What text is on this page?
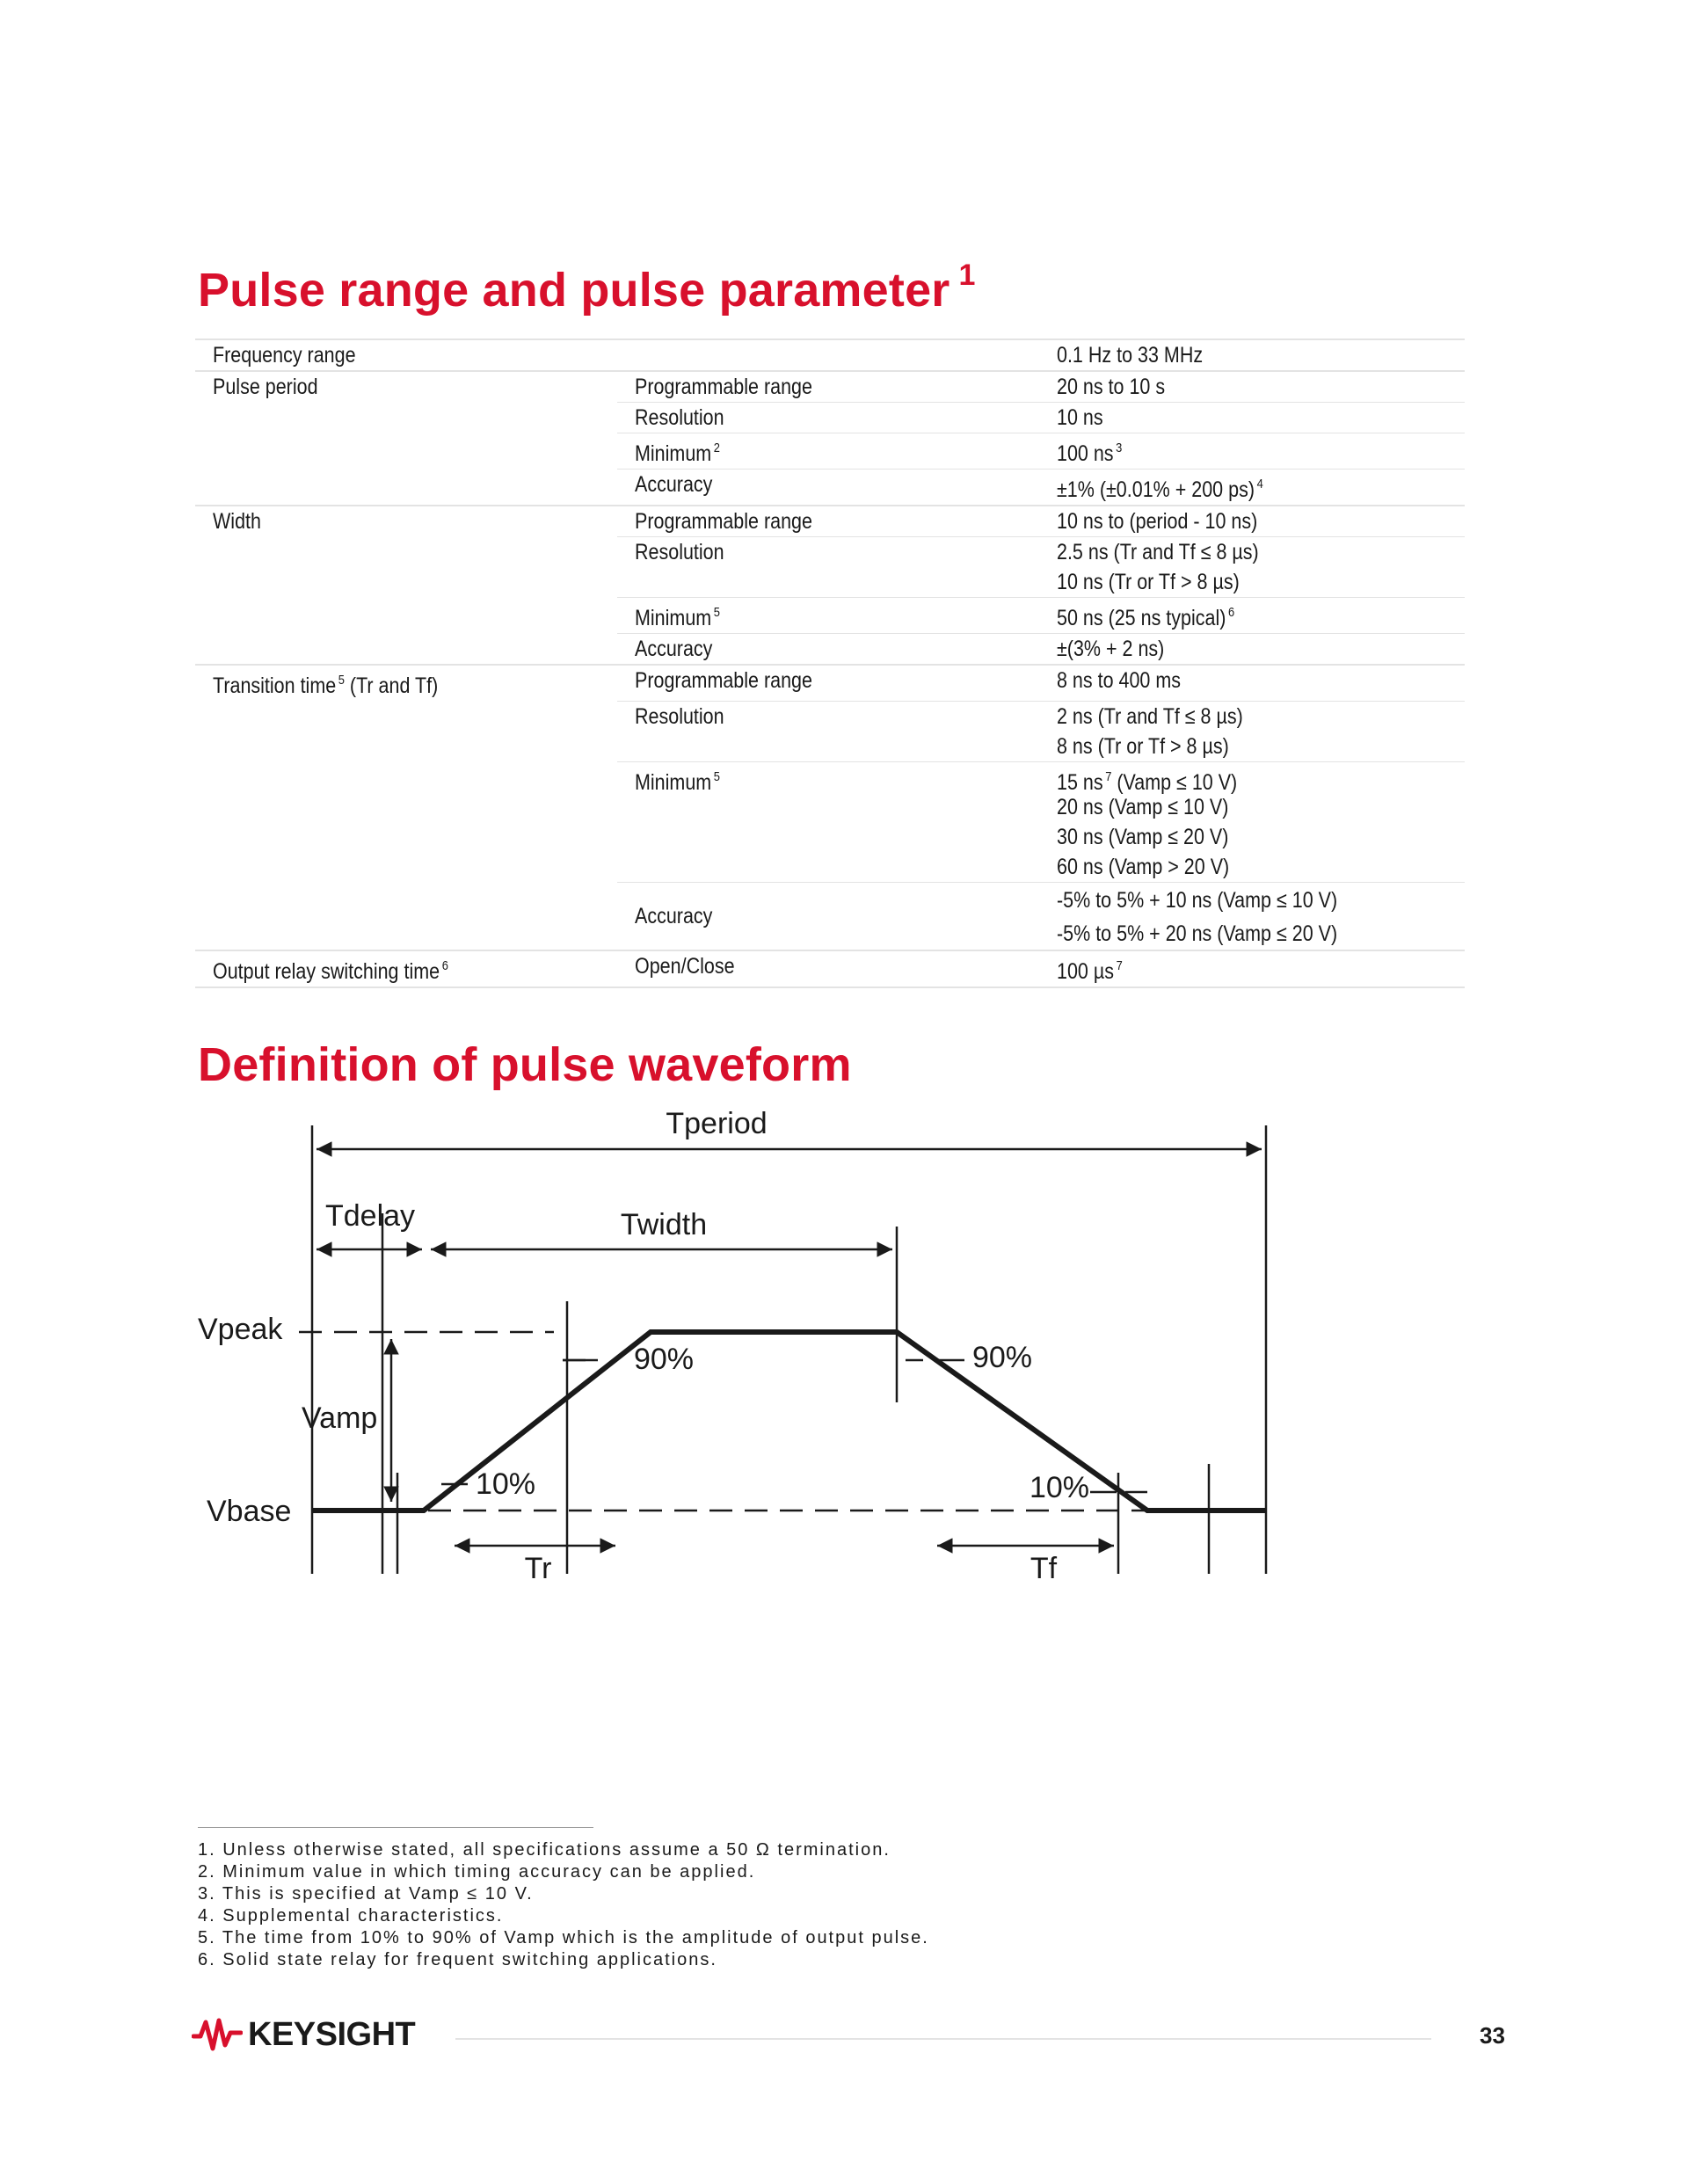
Pulse range and pulse parameter $^1$
Frequency range		0.1 Hz to 33 MHz
Pulse period	Programmable range	20 ns to 10 s
	Resolution	10 ns
	Minimum $^2$	100 ns $^3$
	Accuracy	±1% (±0.01% + 200 ps) $^4$
Width	Programmable range	10 ns to (period - 10 ns)
	Resolution	2.5 ns (Tr and Tf ≤ 8 µs)
10 ns (Tr or Tf > 8 µs)

	Minimum $^5$	50 ns (25 ns typical) $^6$
	Accuracy	±(3% + 2 ns)
Transition time $^5$ (Tr and Tf)	Programmable range	8 ns to 400 ms
	Resolution	2 ns (Tr and Tf ≤ 8 µs)
8 ns (Tr or Tf > 8 µs)

	Minimum $^5$	15 ns $^7$ (Vamp ≤ 10 V)
20 ns (Vamp ≤ 10 V)
30 ns (Vamp ≤ 20 V)
60 ns (Vamp > 20 V)

	Accuracy	-5% to 5% + 10 ns (Vamp ≤ 10 V)
-5% to 5% + 20 ns (Vamp ≤ 20 V)

Output relay switching time $^6$	Open/Close	100 µs $^7$
Definition of pulse waveform
Tperiod
Tdelay	Twidth
Vpeak
Vamp
Vbase
90%	90%
10%	10%
Tr	Tf
1. Unless otherwise stated, all specifications assume a 50 Ω termination.
2. Minimum value in which timing accuracy can be applied.
3. This is specified at Vamp ≤ 10 V.
4. Supplemental characteristics.
5. The time from 10% to 90% of Vamp which is the amplitude of output pulse.
6. Solid state relay for frequent switching applications.
KEYSIGHT	33
